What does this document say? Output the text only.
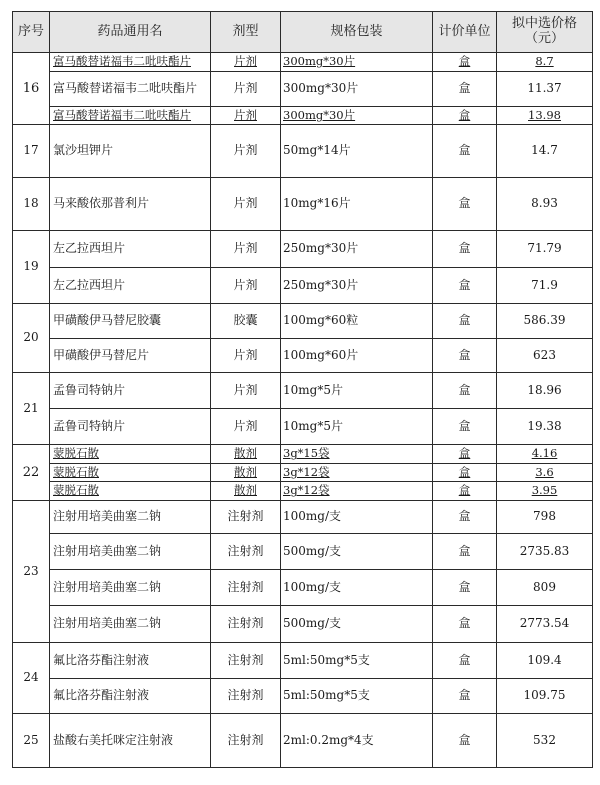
序号	药品通用名	剂型	规格包装	计价单位	拟中选价格（元）
16	富马酸替诺福韦二吡呋酯片	片剂	300mg*30片	盒	8.7
	富马酸替诺福韦二吡呋酯片	片剂	300mg*30片	盒	11.37
	富马酸替诺福韦二吡呋酯片	片剂	300mg*30片	盒	13.98
17	氯沙坦钾片	片剂	50mg*14片	盒	14.7
18	马来酸依那普利片	片剂	10mg*16片	盒	8.93
19	左乙拉西坦片	片剂	250mg*30片	盒	71.79
	左乙拉西坦片	片剂	250mg*30片	盒	71.9
20	甲磺酸伊马替尼胶囊	胶囊	100mg*60粒	盒	586.39
	甲磺酸伊马替尼片	片剂	100mg*60片	盒	623
21	孟鲁司特钠片	片剂	10mg*5片	盒	18.96
	孟鲁司特钠片	片剂	10mg*5片	盒	19.38
22	蒙脱石散	散剂	3g*15袋	盒	4.16
	蒙脱石散	散剂	3g*12袋	盒	3.6
	蒙脱石散	散剂	3g*12袋	盒	3.95
23	注射用培美曲塞二钠	注射剂	100mg/支	盒	798
	注射用培美曲塞二钠	注射剂	500mg/支	盒	2735.83
	注射用培美曲塞二钠	注射剂	100mg/支	盒	809
	注射用培美曲塞二钠	注射剂	500mg/支	盒	2773.54
24	氟比洛芬酯注射液	注射剂	5ml:50mg*5支	盒	109.4
	氟比洛芬酯注射液	注射剂	5ml:50mg*5支	盒	109.75
25	盐酸右美托咪定注射液	注射剂	2ml:0.2mg*4支	盒	532
